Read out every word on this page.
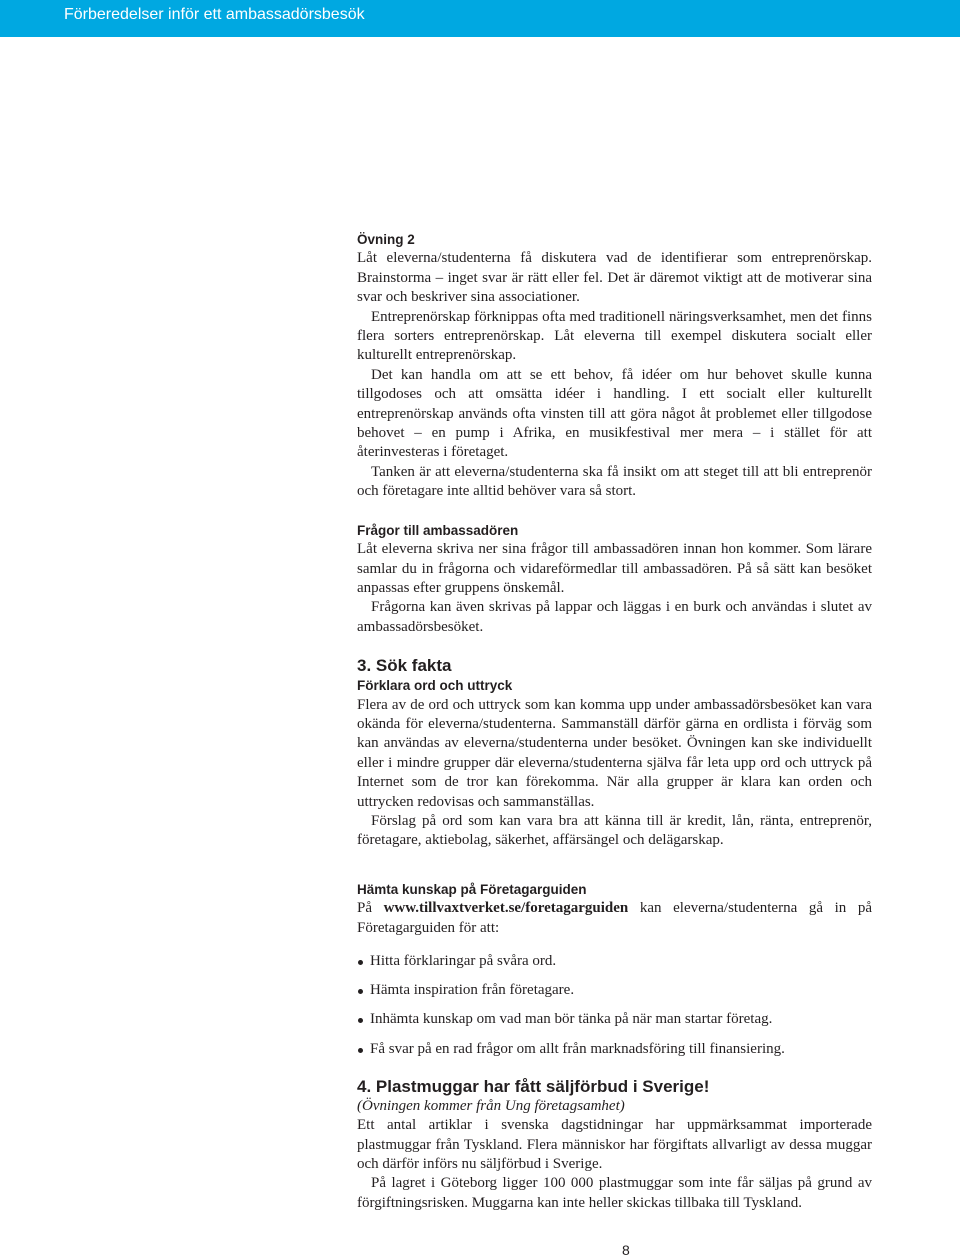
Förberedelser inför ett ambassadörsbesök
Övning 2

Låt eleverna/studenterna få diskutera vad de identifierar som entreprenörskap. Brainstorma – inget svar är rätt eller fel. Det är däremot viktigt att de motiverar sina svar och beskriver sina associationer.

Entreprenörskap förknippas ofta med traditionell näringsverksamhet, men det finns flera sorters entreprenörskap. Låt eleverna till exempel diskutera socialt eller kulturellt entreprenörskap.

Det kan handla om att se ett behov, få idéer om hur behovet skulle kunna tillgodoses och att omsätta idéer i handling. I ett socialt eller kulturellt entreprenörskap används ofta vinsten till att göra något åt problemet eller tillgodose behovet – en pump i Afrika, en musikfestival mer mera – i stället för att återinvesteras i företaget.

Tanken är att eleverna/studenterna ska få insikt om att steget till att bli entreprenör och företagare inte alltid behöver vara så stort.

Frågor till ambassadören

Låt eleverna skriva ner sina frågor till ambassadören innan hon kommer. Som lärare samlar du in frågorna och vidareförmedlar till ambassadören. På så sätt kan besöket anpassas efter gruppens önskemål.

Frågorna kan även skrivas på lappar och läggas i en burk och användas i slutet av ambassadörsbesöket.

3. Sök fakta
Förklara ord och uttryck

Flera av de ord och uttryck som kan komma upp under ambassadörsbesöket kan vara okända för eleverna/studenterna. Sammanställ därför gärna en ordlista i förväg som kan användas av eleverna/studenterna under besöket. Övningen kan ske individuellt eller i mindre grupper där eleverna/studenterna själva får leta upp ord och uttryck på Internet som de tror kan förekomma. När alla grupper är klara kan orden och uttrycken redovisas och sammanställas.

Förslag på ord som kan vara bra att känna till är kredit, lån, ränta, entreprenör, företagare, aktiebolag, säkerhet, affärsängel och delägarskap.

Hämta kunskap på Företagarguiden

På www.tillvaxtverket.se/foretagarguiden kan eleverna/studenterna gå in på Företagarguiden för att:

Hitta förklaringar på svåra ord.
Hämta inspiration från företagare.
Inhämta kunskap om vad man bör tänka på när man startar företag.
Få svar på en rad frågor om allt från marknadsföring till finansiering.
4. Plastmuggar har fått säljförbud i Sverige!

(Övningen kommer från Ung företagsamhet)

Ett antal artiklar i svenska dagstidningar har uppmärksammat importerade plastmuggar från Tyskland. Flera människor har förgiftats allvarligt av dessa muggar och därför införs nu säljförbud i Sverige.

På lagret i Göteborg ligger 100 000 plastmuggar som inte får säljas på grund av förgiftningsrisken. Muggarna kan inte heller skickas tillbaka till Tyskland.

8
